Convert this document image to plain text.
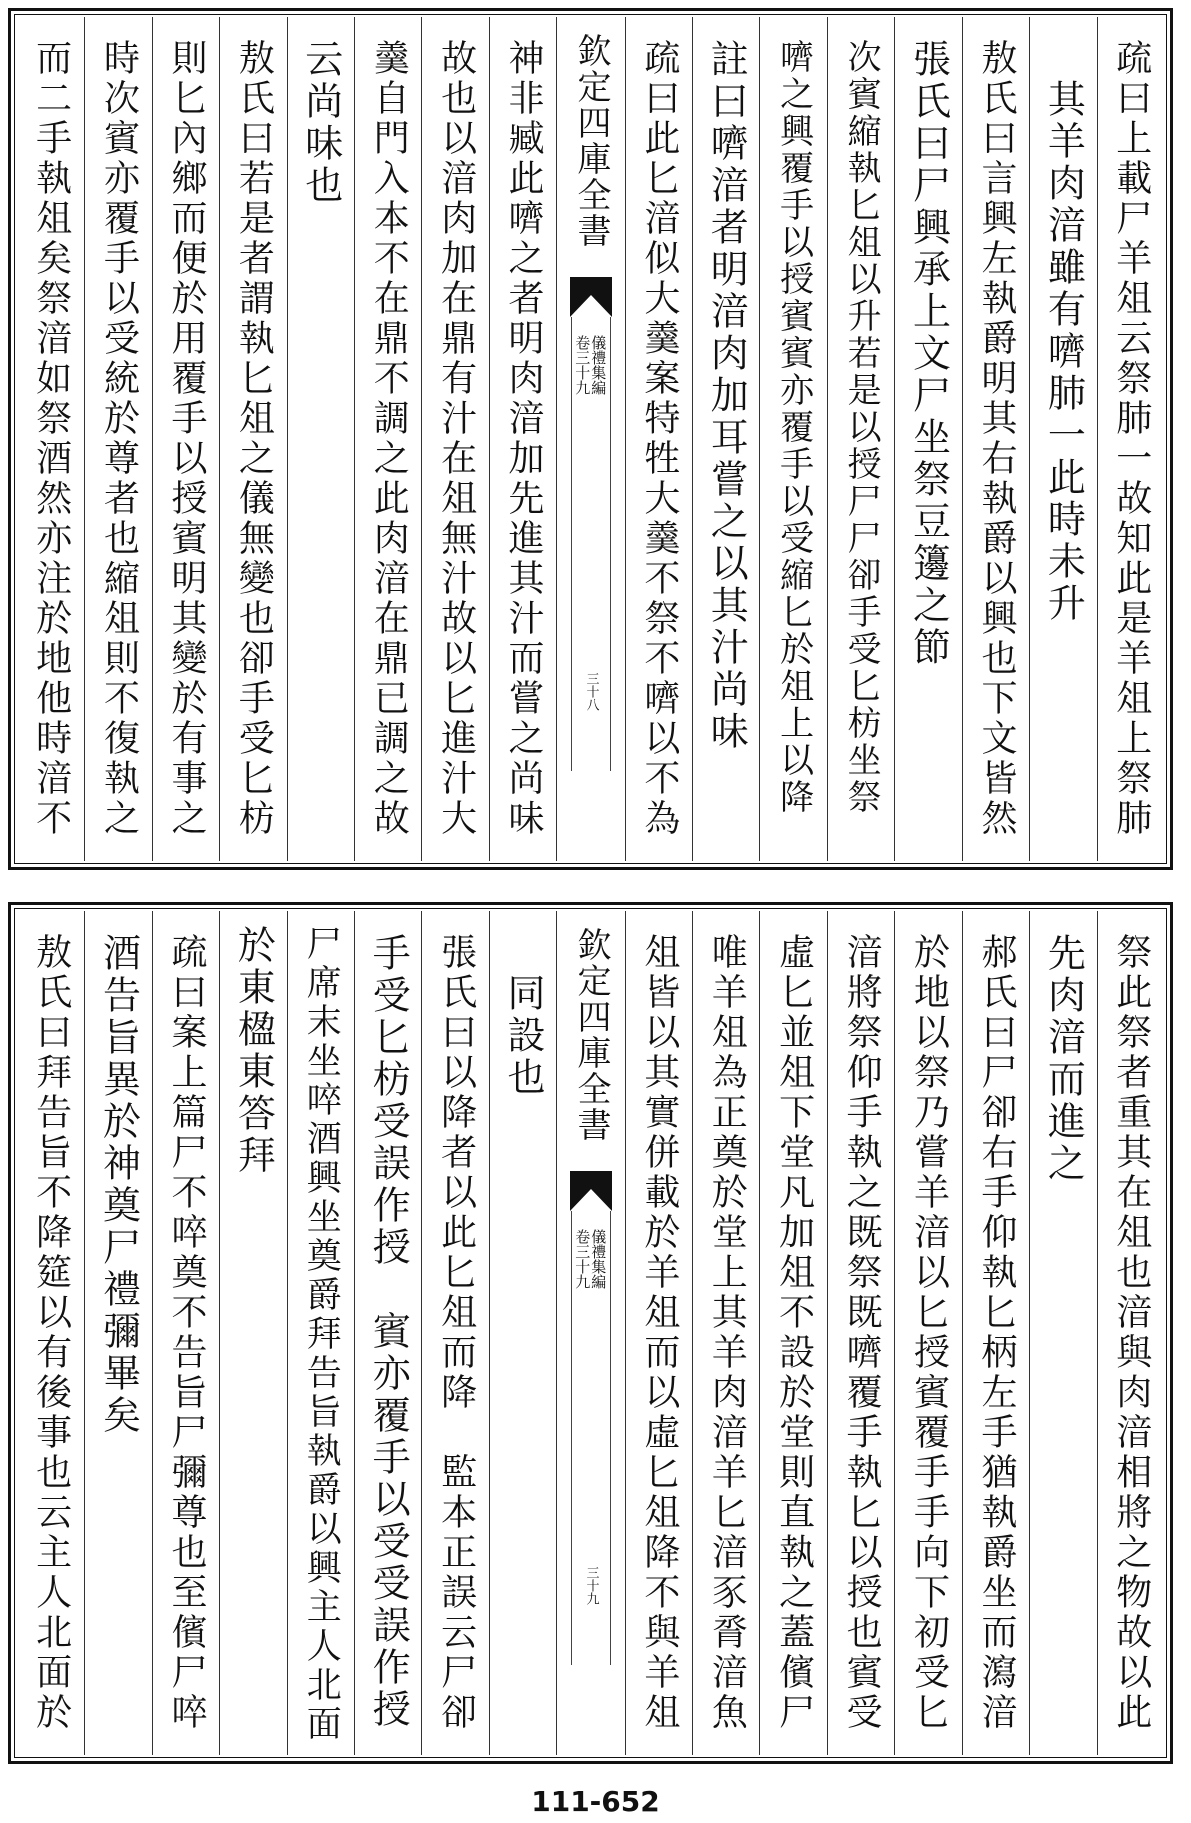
疏曰上載尸羊俎云祭肺一故知此是羊俎上祭肺
其羊肉湆雖有嚌肺一此時未升
敖氏曰言興左執爵明其右執爵以興也下文皆然
張氏曰尸興承上文尸坐祭豆籩之節
次賓縮執匕俎以升若是以授尸尸卻手受匕枋坐祭
嚌之興覆手以授賓賓亦覆手以受縮匕於俎上以降
註曰嚌湆者明湆肉加耳嘗之以其汁尚味
疏曰此匕湆似大羹案特牲大羹不祭不嚌以不為
欽定四庫全書
儀禮集編
卷三十九
三十八
神非臧此嚌之者明肉湆加先進其汁而嘗之尚味
故也以湆肉加在鼎有汁在俎無汁故以匕進汁大
羹自門入本不在鼎不調之此肉湆在鼎已調之故
云尚味也
敖氏曰若是者謂執匕俎之儀無變也卻手受匕枋
則匕內鄉而便於用覆手以授賓明其變於有事之
時次賓亦覆手以受統於尊者也縮俎則不復執之
而二手執俎矣祭湆如祭酒然亦注於地他時湆不
祭此祭者重其在俎也湆與肉湆相將之物故以此
先肉湆而進之
郝氏曰尸卻右手仰執匕柄左手猶執爵坐而瀉湆
於地以祭乃嘗羊湆以匕授賓覆手手向下初受匕
湆將祭仰手執之既祭既嚌覆手執匕以授也賓受
虛匕並俎下堂凡加俎不設於堂則直執之蓋儐尸
唯羊俎為正奠於堂上其羊肉湆羊匕湆豕脀湆魚
俎皆以其實併載於羊俎而以虛匕俎降不與羊俎
欽定四庫全書
儀禮集編
卷三十九
三十九
同設也
張氏曰以降者以此匕俎而降　監本正誤云尸卻
手受匕枋受誤作授　賓亦覆手以受受誤作授
尸席末坐啐酒興坐奠爵拜告旨執爵以興主人北面
於東楹東答拜
疏曰案上篇尸不啐奠不告旨尸彌尊也至儐尸啐
酒告旨異於神奠尸禮彌畢矣
敖氏曰拜告旨不降筵以有後事也云主人北面於
111-652
